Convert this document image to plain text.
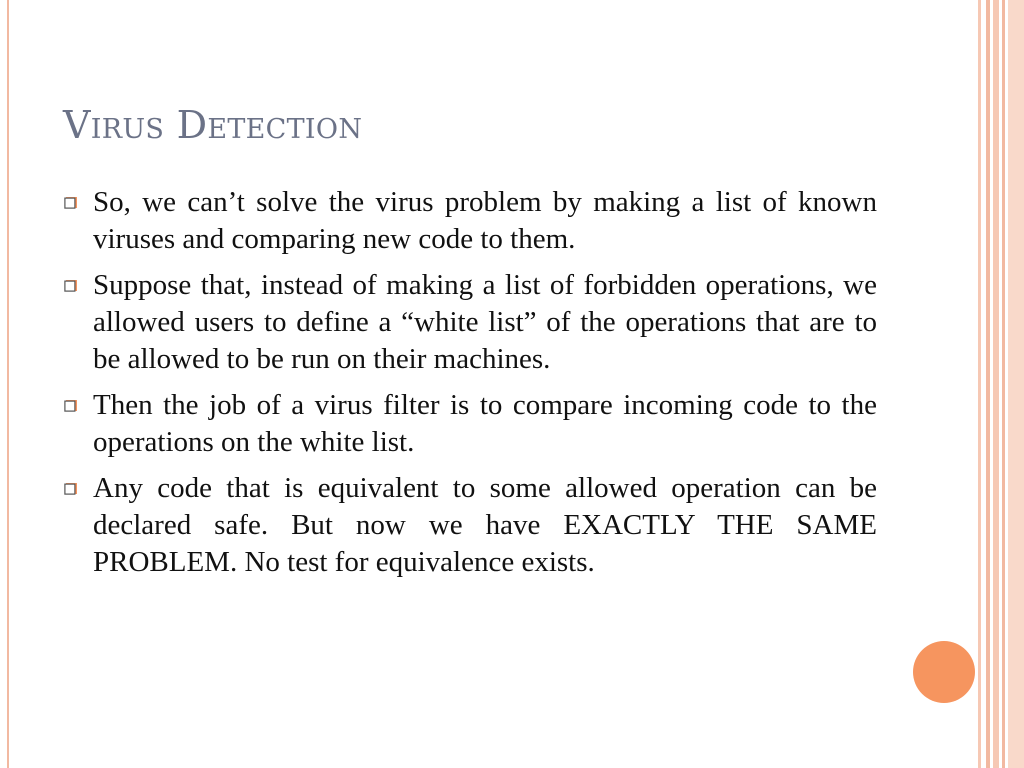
Virus Detection
So, we can’t solve the virus problem by making a list of known viruses and comparing new code to them.
Suppose that, instead of making a list of forbidden operations, we allowed users to define a “white list” of the operations that are to be allowed to be run on their machines.
Then the job of a virus filter is to compare incoming code to the operations on the white list.
Any code that is equivalent to some allowed operation can be declared safe. But now we have EXACTLY THE SAME PROBLEM. No test for equivalence exists.
